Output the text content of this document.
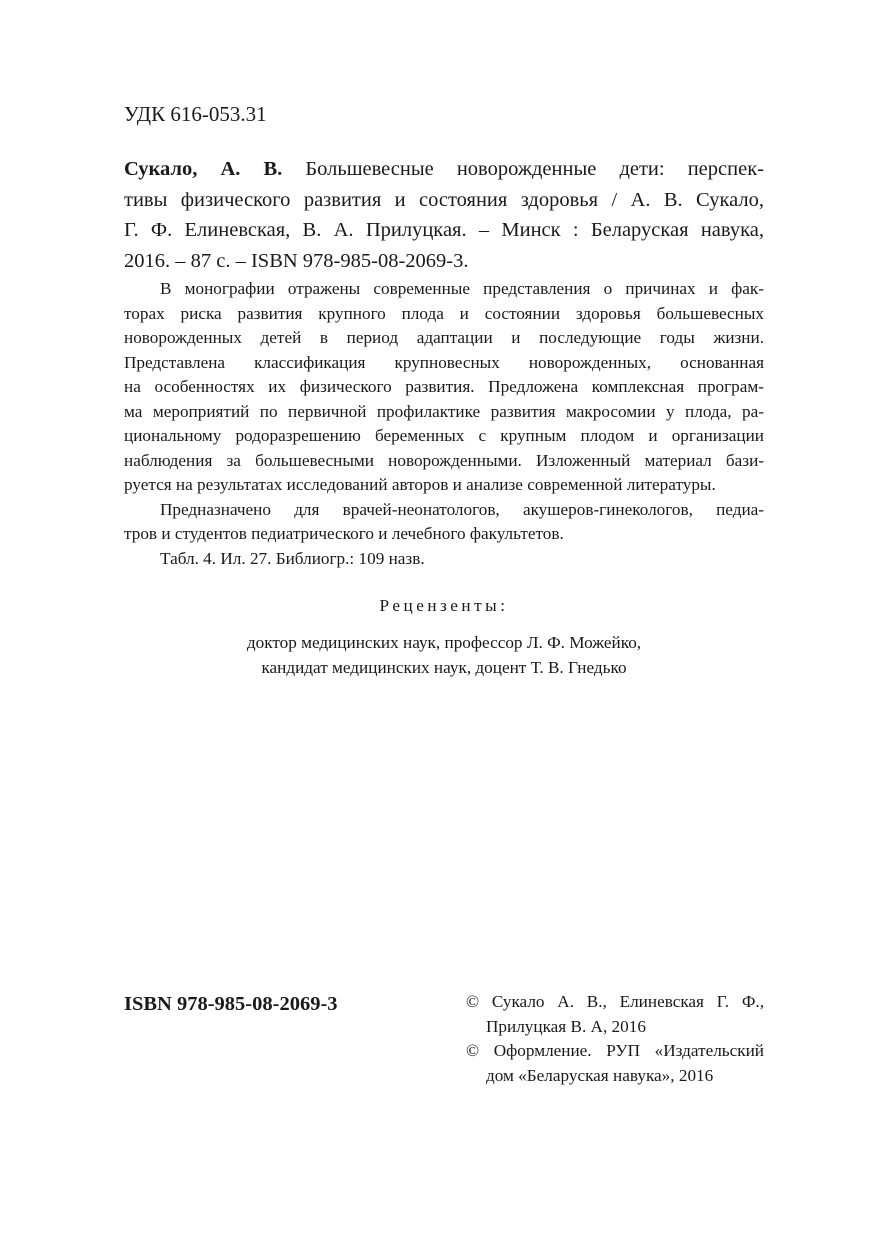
УДК 616-053.31
Сукало, А. В. Большевесные новорожденные дети: перспек-
тивы физического развития и состояния здоровья / А. В. Сукало,
Г. Ф. Елиневская, В. А. Прилуцкая. – Минск : Беларуская навука,
2016. – 87 с. – ISBN 978-985-08-2069-3.
В монографии отражены современные представления о причинах и фак-
торах риска развития крупного плода и состоянии здоровья большевесных
новорожденных детей в период адаптации и последующие годы жизни.
Представлена классификация крупновесных новорожденных, основанная
на особенностях их физического развития. Предложена комплексная програм-
ма мероприятий по первичной профилактике развития макросомии у плода, ра-
циональному родоразрешению беременных с крупным плодом и организации
наблюдения за большевесными новорожденными. Изложенный материал бази-
руется на результатах исследований авторов и анализе современной литературы.
Предназначено для врачей-неонатологов, акушеров-гинекологов, педиа-
тров и студентов педиатрического и лечебного факультетов.
Табл. 4. Ил. 27. Библиогр.: 109 назв.
Рецензенты:
доктор медицинских наук, профессор Л. Ф. Можейко,
кандидат медицинских наук, доцент Т. В. Гнедько
ISBN 978-985-08-2069-3	© Сукало А. В., Елиневская Г. Ф.,
Прилуцкая В. А, 2016
© Оформление. РУП «Издательский
дом «Беларуская навука», 2016
